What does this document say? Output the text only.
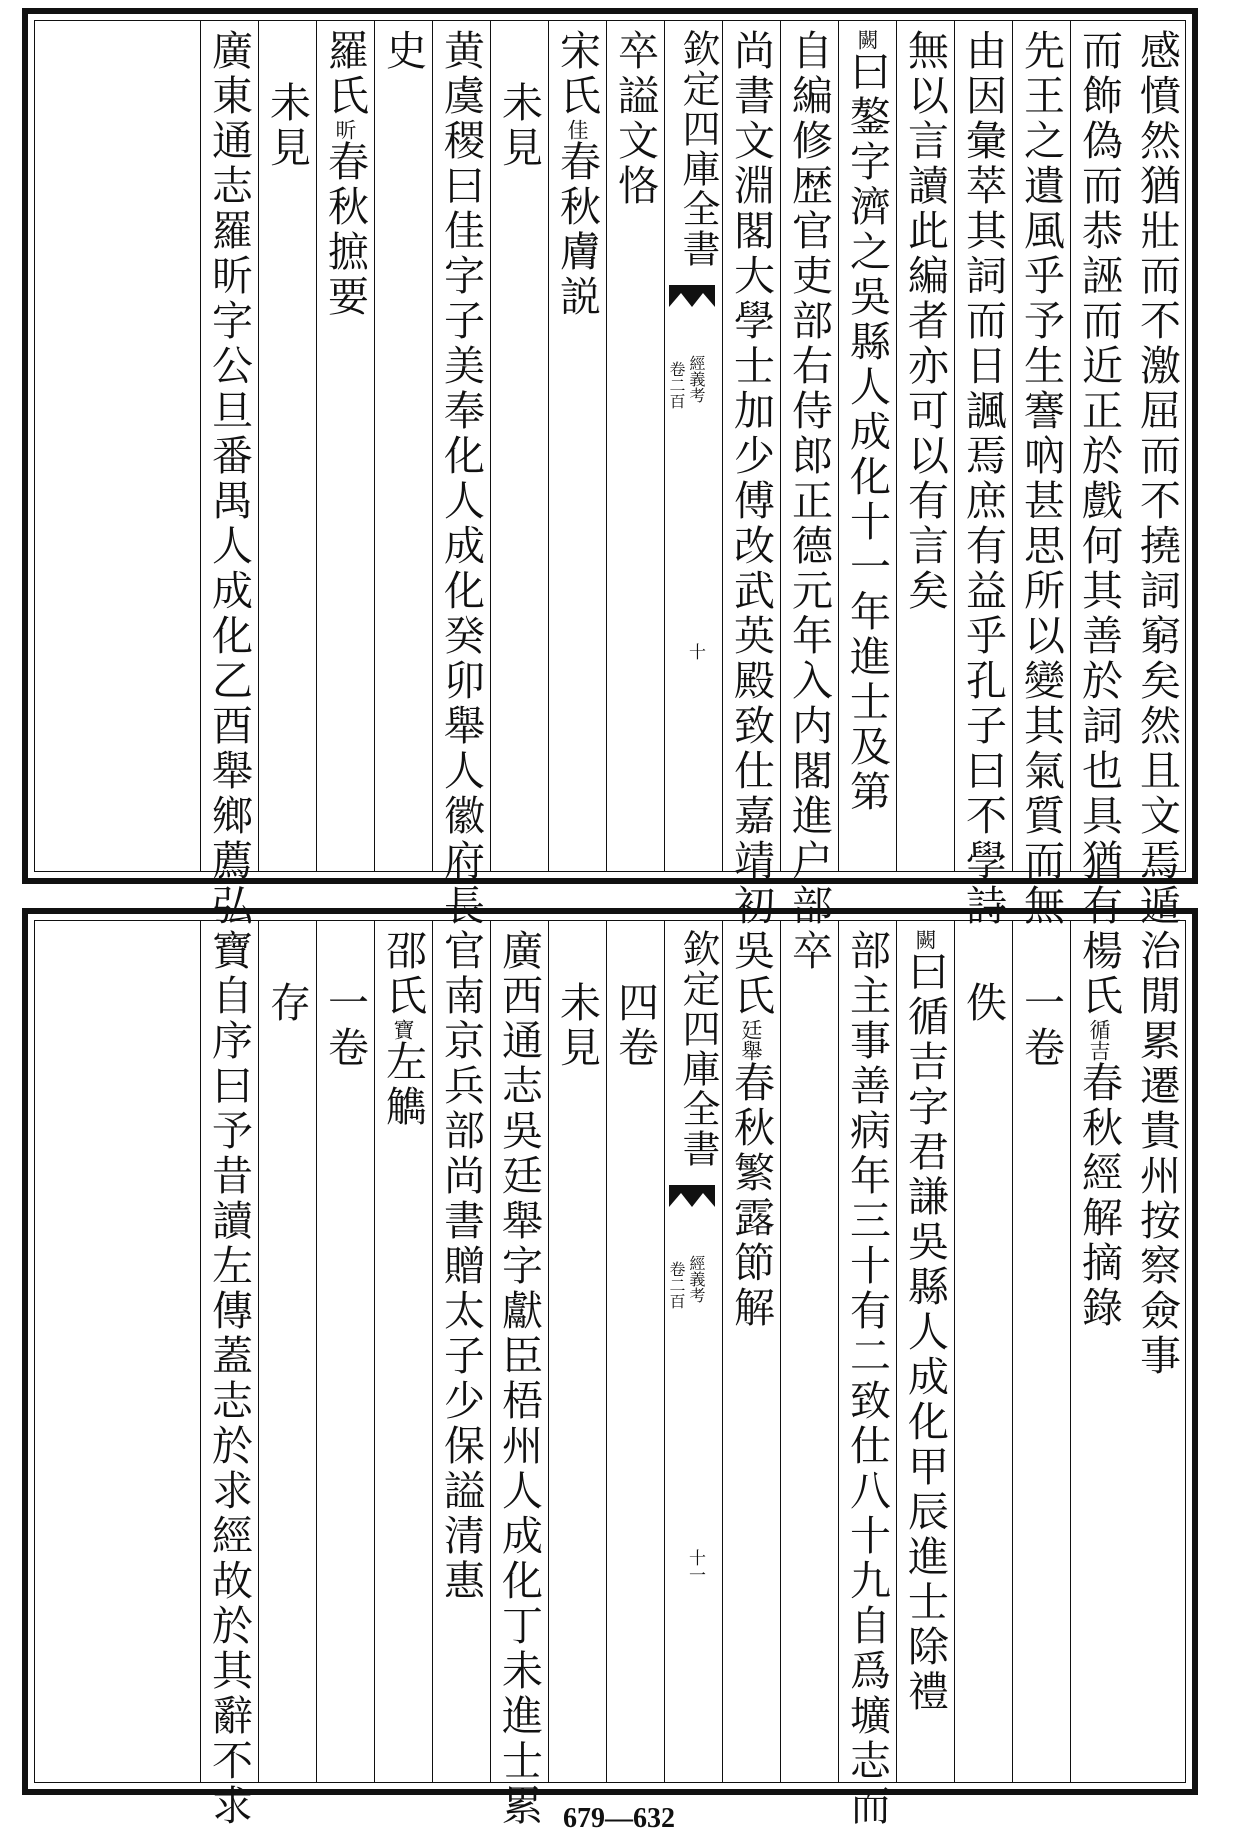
感憤然猶壯而不激屈而不撓詞窮矣然且文焉遁
而飾偽而恭誣而近正於戲何其善於詞也具猶有
先王之遺風乎予生謇吶甚思所以變其氣質而無
由因彙萃其詞而日諷焉庶有益乎孔子曰不學詩
無以言讀此編者亦可以有言矣
闕曰鏊字濟之吳縣人成化十一年進士及第
自編修歴官吏部右侍郎正德元年入内閣進户部
尚書文淵閣大學士加少傅改武英殿致仕嘉靖初
欽定四庫全書
經義考
卷二百
十
卒謚文恪
宋氏佳春秋膚説
未見
黄虞稷曰佳字子美奉化人成化癸卯舉人徽府長
史
羅氏昕春秋摭要
未見
廣東通志羅昕字公旦番禺人成化乙酉舉鄉薦弘
治閒累遷貴州按察僉事
楊氏循吉春秋經解摘錄
一卷
佚
闕曰循吉字君謙吳縣人成化甲辰進士除禮
部主事善病年三十有二致仕八十九自爲壙志而
卒
吳氏廷舉春秋繁露節解
欽定四庫全書
經義考
卷二百
十一
四卷
未見
廣西通志吳廷舉字獻臣梧州人成化丁未進士累
官南京兵部尚書贈太子少保謚清惠
邵氏寶左觹
一卷
存
寶自序曰予昔讀左傳蓋志於求經故於其辭不求	679—632
